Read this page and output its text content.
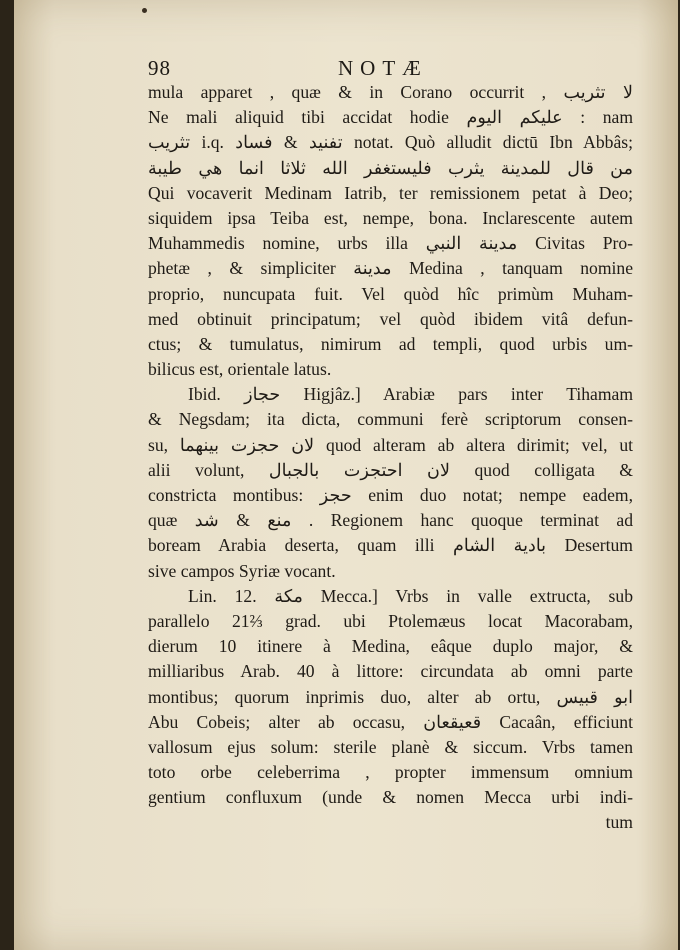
98	NOTÆ
mula apparet , quæ & in Corano occurrit , لا تثريب
Ne mali aliquid tibi accidat hodie عليكم اليوم : nam
تثريب i.q. تفنيد & فساد notat. Quò alludit dictū Ibn Abbâs;
من قال للمدينة يثرب فليستغفر الله ثلاثا انما هي طيبة
Qui vocaverit Medinam Iatrib, ter remissionem petat à Deo;
siquidem ipsa Teiba est, nempe, bona. Inclarescente autem
Muhammedis nomine, urbs illa مدينة النبي Civitas Pro-
phetæ , & simpliciter مدينة Medina , tanquam nomine
proprio, nuncupata fuit. Vel quòd hîc primùm Muham-
med obtinuit principatum; vel quòd ibidem vitâ defun-
ctus; & tumulatus, nimirum ad templi, quod urbis um-
bilicus est, orientale latus.
Ibid. حجاز Higjâz.] Arabiæ pars inter Tihamam
& Negsdam; ita dicta, communi ferè scriptorum consen-
su, لان حجزت بينهما quod alteram ab altera dirimit; vel, ut
alii volunt, لان احتجزت بالجبال quod colligata &
constricta montibus: حجز enim duo notat; nempe eadem,
quæ منع & شد . Regionem hanc quoque terminat ad
boream Arabia deserta, quam illi بادية الشام Desertum
sive campos Syriæ vocant.
Lin. 12. مكة Mecca.] Vrbs in valle extructa, sub
parallelo 21⅔ grad. ubi Ptolemæus locat Macorabam,
dierum 10 itinere à Medina, eâque duplo major, &
milliaribus Arab. 40 à littore: circundata ab omni parte
montibus; quorum inprimis duo, alter ab ortu, ابو قبيس
Abu Cobeis; alter ab occasu, قعيقعان Cacaân, efficiunt
vallosum ejus solum: sterile planè & siccum. Vrbs tamen
toto orbe celeberrima , propter immensum omnium
gentium confluxum (unde & nomen Mecca urbi indi-
tum
